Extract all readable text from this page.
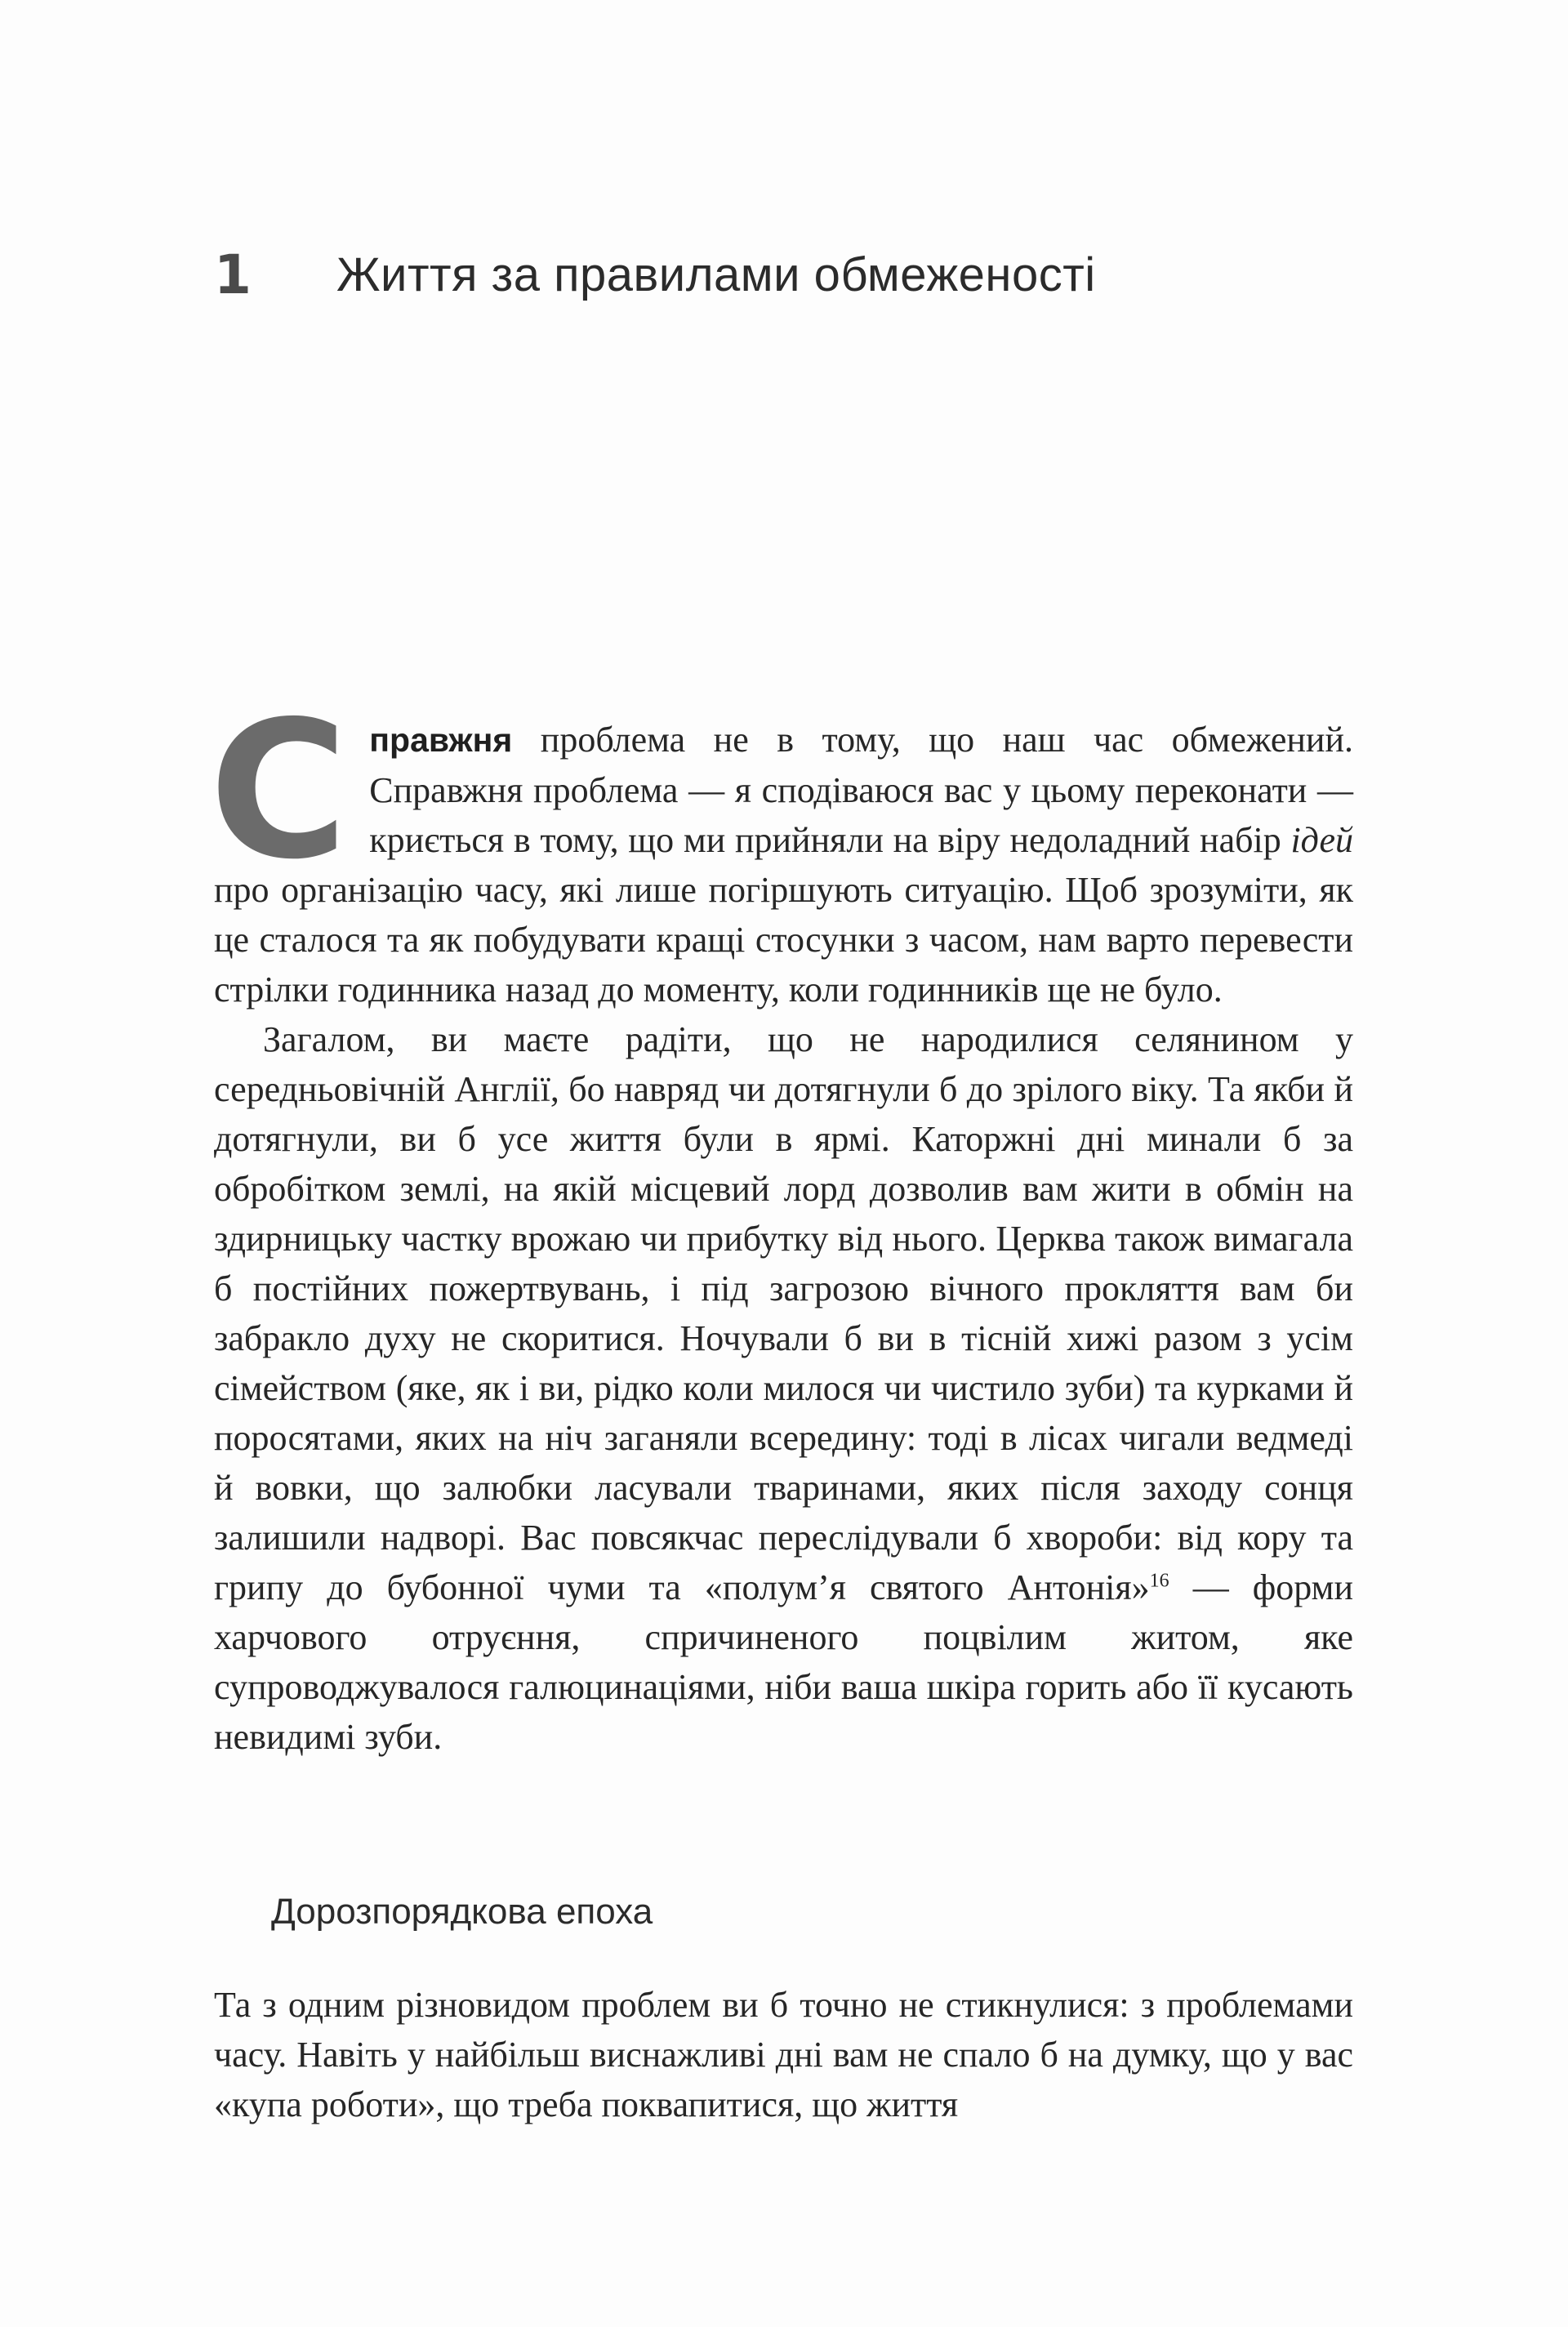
1	Життя за правилами обмеженості

Справжня проблема не в тому, що наш час обмежений. Справжня проблема — я сподіваюся вас у цьому переконати — криється в тому, що ми прийняли на віру недоладний набір ідей про організацію часу, які лише погіршують ситуацію. Щоб зрозуміти, як це сталося та як побудувати кращі стосунки з часом, нам варто перевести стрілки годинника назад до моменту, коли годинників ще не було.

Загалом, ви маєте радіти, що не народилися селянином у середньовічній Англії, бо навряд чи дотягнули б до зрілого віку. Та якби й дотягнули, ви б усе життя були в ярмі. Каторжні дні минали б за обробітком землі, на якій місцевий лорд дозволив вам жити в обмін на здирницьку частку врожаю чи прибутку від нього. Церква також вимагала б постійних пожертвувань, і під загрозою вічного прокляття вам би забракло духу не скоритися. Ночували б ви в тісній хижі разом з усім сімейством (яке, як і ви, рідко коли милося чи чистило зуби) та курками й поросятами, яких на ніч заганяли всередину: тоді в лісах чигали ведмеді й вовки, що залюбки ласували тваринами, яких після заходу сонця залишили надворі. Вас повсякчас переслідували б хвороби: від кору та грипу до бубонної чуми та «полум’я святого Антонія»$^{16}$ — форми харчового отруєння, спричиненого поцвілим житом, яке супроводжувалося галюцинаціями, ніби ваша шкіра горить або її кусають невидимі зуби.

Дорозпорядкова епоха

Та з одним різновидом проблем ви б точно не стикнулися: з проблемами часу. Навіть у найбільш виснажливі дні вам не спало б на думку, що у вас «купа роботи», що треба поквапитися, що життя
